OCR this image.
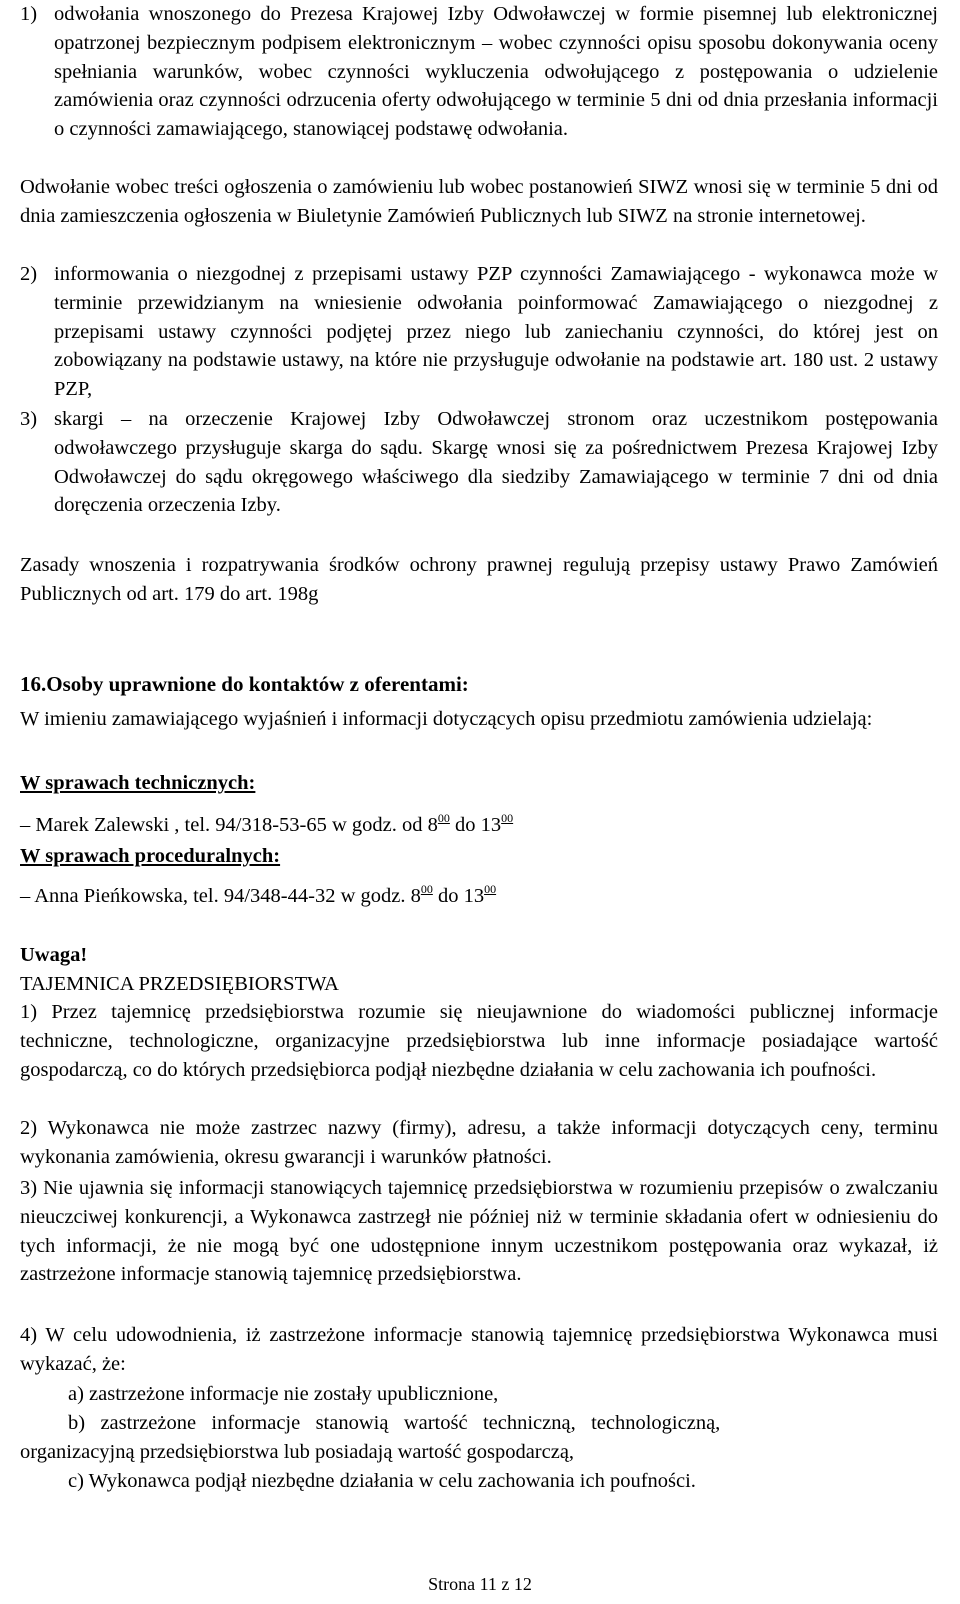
1) odwołania wnoszonego do Prezesa Krajowej Izby Odwoławczej w formie pisemnej lub elektronicznej opatrzonej bezpiecznym podpisem elektronicznym – wobec czynności opisu sposobu dokonywania oceny spełniania warunków, wobec czynności wykluczenia odwołującego z postępowania o udzielenie zamówienia oraz czynności odrzucenia oferty odwołującego w terminie 5 dni od dnia przesłania informacji o czynności zamawiającego, stanowiącej podstawę odwołania.

Odwołanie wobec treści ogłoszenia o zamówieniu lub wobec postanowień SIWZ wnosi się w terminie 5 dni od dnia zamieszczenia ogłoszenia w Biuletynie Zamówień Publicznych lub SIWZ na stronie internetowej.

2) informowania o niezgodnej z przepisami ustawy PZP czynności Zamawiającego - wykonawca może w terminie przewidzianym na wniesienie odwołania poinformować Zamawiającego o niezgodnej z przepisami ustawy czynności podjętej przez niego lub zaniechaniu czynności, do której jest on zobowiązany na podstawie ustawy, na które nie przysługuje odwołanie na podstawie art. 180 ust. 2 ustawy PZP,

3) skargi – na orzeczenie Krajowej Izby Odwoławczej stronom oraz uczestnikom postępowania odwoławczego przysługuje skarga do sądu. Skargę wnosi się za pośrednictwem Prezesa Krajowej Izby Odwoławczej do sądu okręgowego właściwego dla siedziby Zamawiającego w terminie 7 dni od dnia doręczenia orzeczenia Izby.

Zasady wnoszenia i rozpatrywania środków ochrony prawnej regulują przepisy ustawy Prawo Zamówień Publicznych od art. 179 do art. 198g

16.Osoby uprawnione do kontaktów z oferentami:

W imieniu zamawiającego wyjaśnień i informacji dotyczących opisu przedmiotu zamówienia udzielają:

W sprawach technicznych:
– Marek Zalewski , tel. 94/318-53-65 w godz. od $8^{00}$ do $13^{00}$
W sprawach proceduralnych:
– Anna Pieńkowska, tel. 94/348-44-32 w godz. $8^{00}$ do $13^{00}$
Uwaga!
TAJEMNICA PRZEDSIĘBIORSTWA

1) Przez tajemnicę przedsiębiorstwa rozumie się nieujawnione do wiadomości publicznej informacje techniczne, technologiczne, organizacyjne przedsiębiorstwa lub inne informacje posiadające wartość gospodarczą, co do których przedsiębiorca podjął niezbędne działania w celu zachowania ich poufności.

2) Wykonawca nie może zastrzec nazwy (firmy), adresu, a także informacji dotyczących ceny, terminu wykonania zamówienia, okresu gwarancji i warunków płatności.

3) Nie ujawnia się informacji stanowiących tajemnicę przedsiębiorstwa w rozumieniu przepisów o zwalczaniu nieuczciwej konkurencji, a Wykonawca zastrzegł nie później niż w terminie składania ofert w odniesieniu do tych informacji, że nie mogą być one udostępnione innym uczestnikom postępowania oraz wykazał, iż zastrzeżone informacje stanowią tajemnicę przedsiębiorstwa.

4) W celu udowodnienia, iż zastrzeżone informacje stanowią tajemnicę przedsiębiorstwa Wykonawca musi wykazać, że:

a) zastrzeżone informacje nie zostały upublicznione,
b)   zastrzeżone   informacje   stanowią   wartość   techniczną,   technologiczną,
organizacyjną przedsiębiorstwa lub posiadają wartość gospodarczą,
c) Wykonawca podjął niezbędne działania w celu zachowania ich poufności.
Strona 11 z 12
